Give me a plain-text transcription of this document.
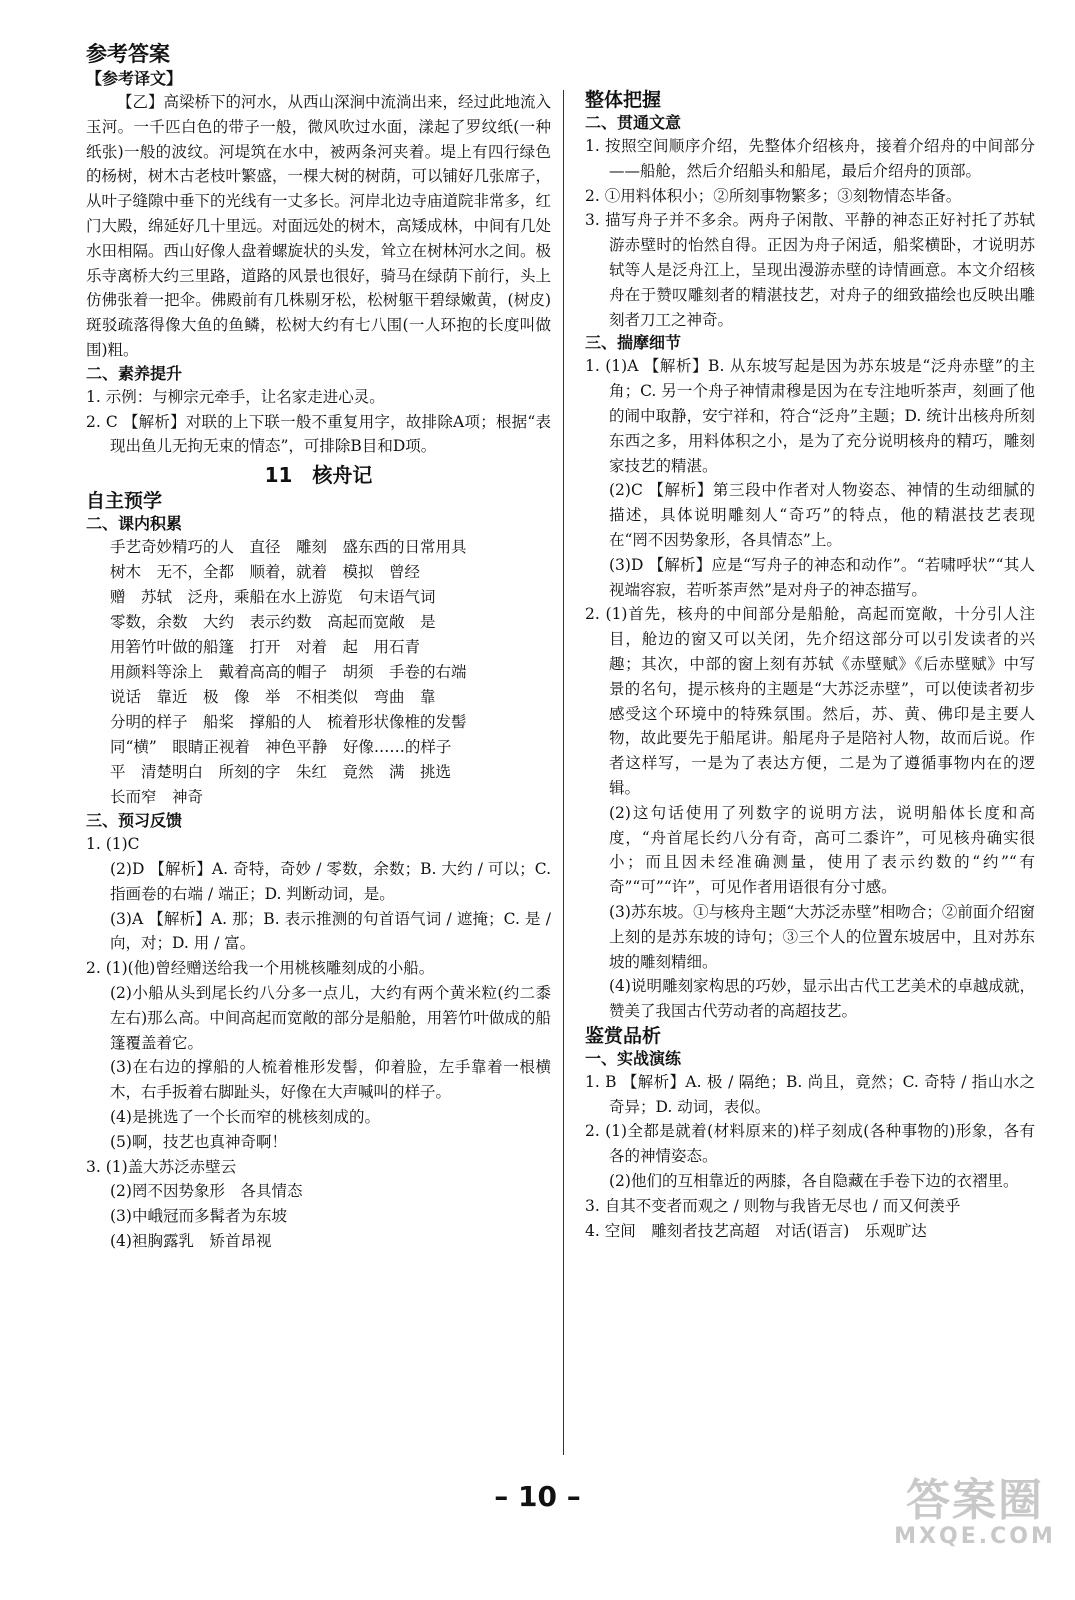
参考答案
【参考译文】
【乙】高梁桥下的河水，从西山深涧中流淌出来，经过此地流入玉河。一千匹白色的带子一般，微风吹过水面，漾起了罗纹纸(一种纸张)一般的波纹。河堤筑在水中，被两条河夹着。堤上有四行绿色的杨树，树木古老枝叶繁盛，一棵大树的树荫，可以铺好几张席子，从叶子缝隙中垂下的光线有一丈多长。河岸北边寺庙道院非常多，红门大殿，绵延好几十里远。对面远处的树木，高矮成林，中间有几处水田相隔。西山好像人盘着螺旋状的头发，耸立在树林河水之间。极乐寺离桥大约三里路，道路的风景也很好，骑马在绿荫下前行，头上仿佛张着一把伞。佛殿前有几株剔牙松，松树躯干碧绿嫩黄，(树皮)斑驳疏落得像大鱼的鱼鳞，松树大约有七八围(一人环抱的长度叫做围)粗。
二、素养提升
1. 示例：与柳宗元牵手，让名家走进心灵。
2. C 【解析】对联的上下联一般不重复用字，故排除A项；根据“表现出鱼儿无拘无束的情态”，可排除B目和D项。
11　核舟记
自主预学
二、课内积累
手艺奇妙精巧的人　直径　雕刻　盛东西的日常用具
树木　无不，全都　顺着，就着　模拟　曾经
赠　苏轼　泛舟，乘船在水上游览　句末语气词
零数，余数　大约　表示约数　高起而宽敞　是
用箬竹叶做的船篷　打开　对着　起　用石青
用颜料等涂上　戴着高高的帽子　胡须　手卷的右端
说话　靠近　极　像　举　不相类似　弯曲　靠
分明的样子　船桨　撑船的人　梳着形状像椎的发髻
同“横”　眼睛正视着　神色平静　好像……的样子
平　清楚明白　所刻的字　朱红　竟然　满　挑选
长而窄　神奇
三、预习反馈
1. (1)C
(2)D 【解析】A. 奇特，奇妙 / 零数，余数；B. 大约 / 可以；C. 指画卷的右端 / 端正；D. 判断动词，是。
(3)A 【解析】A. 那；B. 表示推测的句首语气词 / 遮掩；C. 是 / 向，对；D. 用 / 富。
2. (1)(他)曾经赠送给我一个用桃核雕刻成的小船。
(2)小船从头到尾长约八分多一点儿，大约有两个黄米粒(约二黍左右)那么高。中间高起而宽敞的部分是船舱，用箬竹叶做成的船篷覆盖着它。
(3)在右边的撑船的人梳着椎形发髻，仰着脸，左手靠着一根横木，右手扳着右脚趾头，好像在大声喊叫的样子。
(4)是挑选了一个长而窄的桃核刻成的。
(5)啊，技艺也真神奇啊！
3. (1)盖大苏泛赤壁云
(2)罔不因势象形　各具情态
(3)中峨冠而多髯者为东坡
(4)袒胸露乳　矫首昂视
整体把握
二、贯通文意
1. 按照空间顺序介绍，先整体介绍核舟，接着介绍舟的中间部分——船舱，然后介绍船头和船尾，最后介绍舟的顶部。
2. ①用料体积小；②所刻事物繁多；③刻物情态毕备。
3. 描写舟子并不多余。两舟子闲散、平静的神态正好衬托了苏轼游赤壁时的怡然自得。正因为舟子闲适，船桨横卧，才说明苏轼等人是泛舟江上，呈现出漫游赤壁的诗情画意。本文介绍核舟在于赞叹雕刻者的精湛技艺，对舟子的细致描绘也反映出雕刻者刀工之神奇。
三、揣摩细节
1. (1)A 【解析】B. 从东坡写起是因为苏东坡是“泛舟赤壁”的主角；C. 另一个舟子神情肃穆是因为在专注地听茶声，刻画了他的闹中取静，安宁祥和，符合“泛舟”主题；D. 统计出核舟所刻东西之多，用料体积之小，是为了充分说明核舟的精巧，雕刻家技艺的精湛。
(2)C 【解析】第三段中作者对人物姿态、神情的生动细腻的描述，具体说明雕刻人“奇巧”的特点，他的精湛技艺表现在“罔不因势象形，各具情态”上。
(3)D 【解析】应是“写舟子的神态和动作”。“若啸呼状”“其人视端容寂，若听茶声然”是对舟子的神态描写。
2. (1)首先，核舟的中间部分是船舱，高起而宽敞，十分引人注目，舱边的窗又可以关闭，先介绍这部分可以引发读者的兴趣；其次，中部的窗上刻有苏轼《赤壁赋》《后赤壁赋》中写景的名句，提示核舟的主题是“大苏泛赤壁”，可以使读者初步感受这个环境中的特殊氛围。然后，苏、黄、佛印是主要人物，故此要先于船尾讲。船尾舟子是陪衬人物，故而后说。作者这样写，一是为了表达方便，二是为了遵循事物内在的逻辑。
(2)这句话使用了列数字的说明方法，说明船体长度和高度，“舟首尾长约八分有奇，高可二黍许”，可见核舟确实很小；而且因未经准确测量，使用了表示约数的“约”“有奇”“可”“许”，可见作者用语很有分寸感。
(3)苏东坡。①与核舟主题“大苏泛赤壁”相吻合；②前面介绍窗上刻的是苏东坡的诗句；③三个人的位置东坡居中，且对苏东坡的雕刻精细。
(4)说明雕刻家构思的巧妙，显示出古代工艺美术的卓越成就，赞美了我国古代劳动者的高超技艺。
鉴赏品析
一、实战演练
1. B 【解析】A. 极 / 隔绝；B. 尚且，竟然；C. 奇特 / 指山水之奇异；D. 动词，表似。
2. (1)全都是就着(材料原来的)样子刻成(各种事物的)形象，各有各的神情姿态。
(2)他们的互相靠近的两膝，各自隐藏在手卷下边的衣褶里。
3. 自其不变者而观之 / 则物与我皆无尽也 / 而又何羡乎
4. 空间　雕刻者技艺高超　对话(语言)　乐观旷达
– 10 –	答案圈
MXQE.COM
